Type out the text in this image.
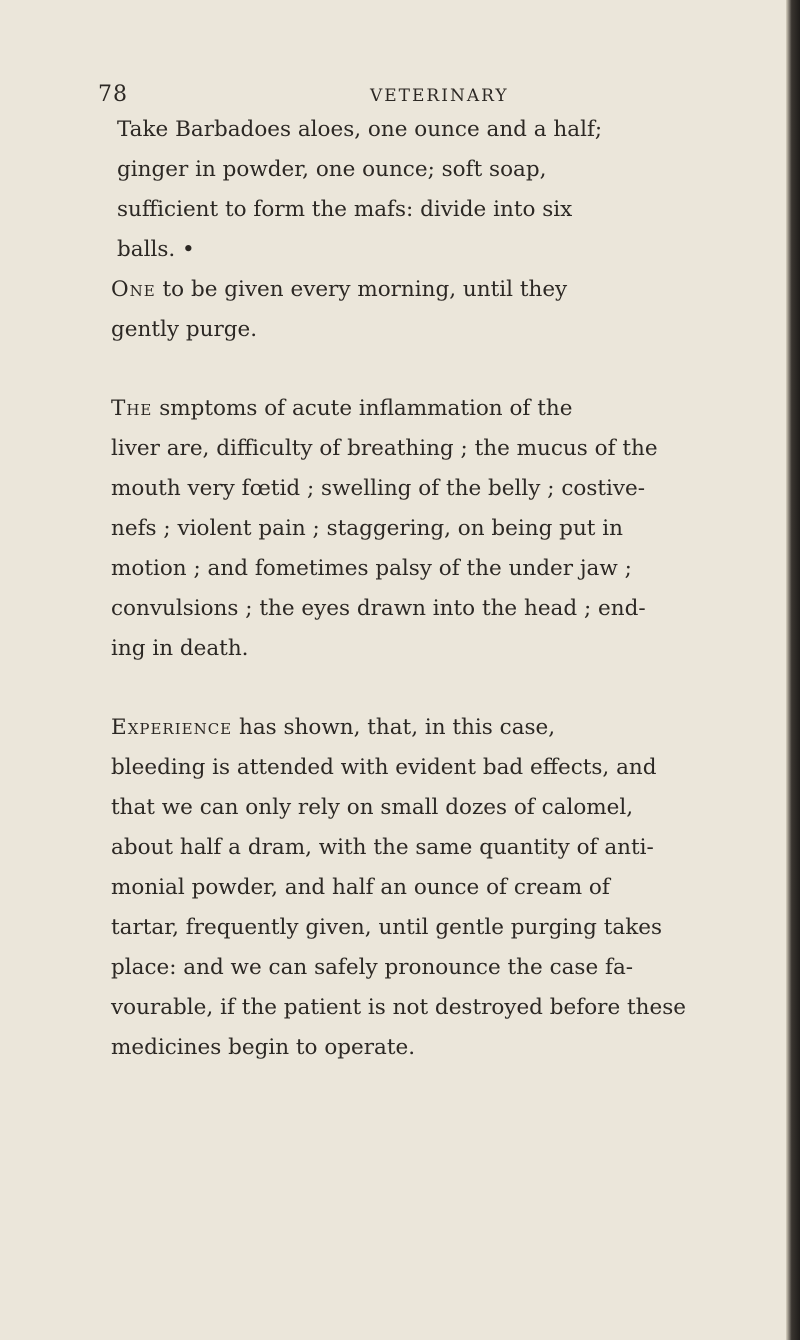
78	VETERINARY
Take Barbadoes aloes, one ounce and a half;
ginger in powder, one ounce; soft soap,
sufficient to form the mafs: divide into six
balls. •
One to be given every morning, until they
gently purge.
The smptoms of acute inflammation of the
liver are, difficulty of breathing ; the mucus of the
mouth very fœtid ; swelling of the belly ; costive-
nefs ; violent pain ; staggering, on being put in
motion ; and fometimes palsy of the under jaw ;
convulsions ; the eyes drawn into the head ; end-
ing in death.
Experience has shown, that, in this case,
bleeding is attended with evident bad effects, and
that we can only rely on small dozes of calomel,
about half a dram, with the same quantity of anti-
monial powder, and half an ounce of cream of
tartar, frequently given, until gentle purging takes
place: and we can safely pronounce the case fa-
vourable, if the patient is not destroyed before these
medicines begin to operate.
